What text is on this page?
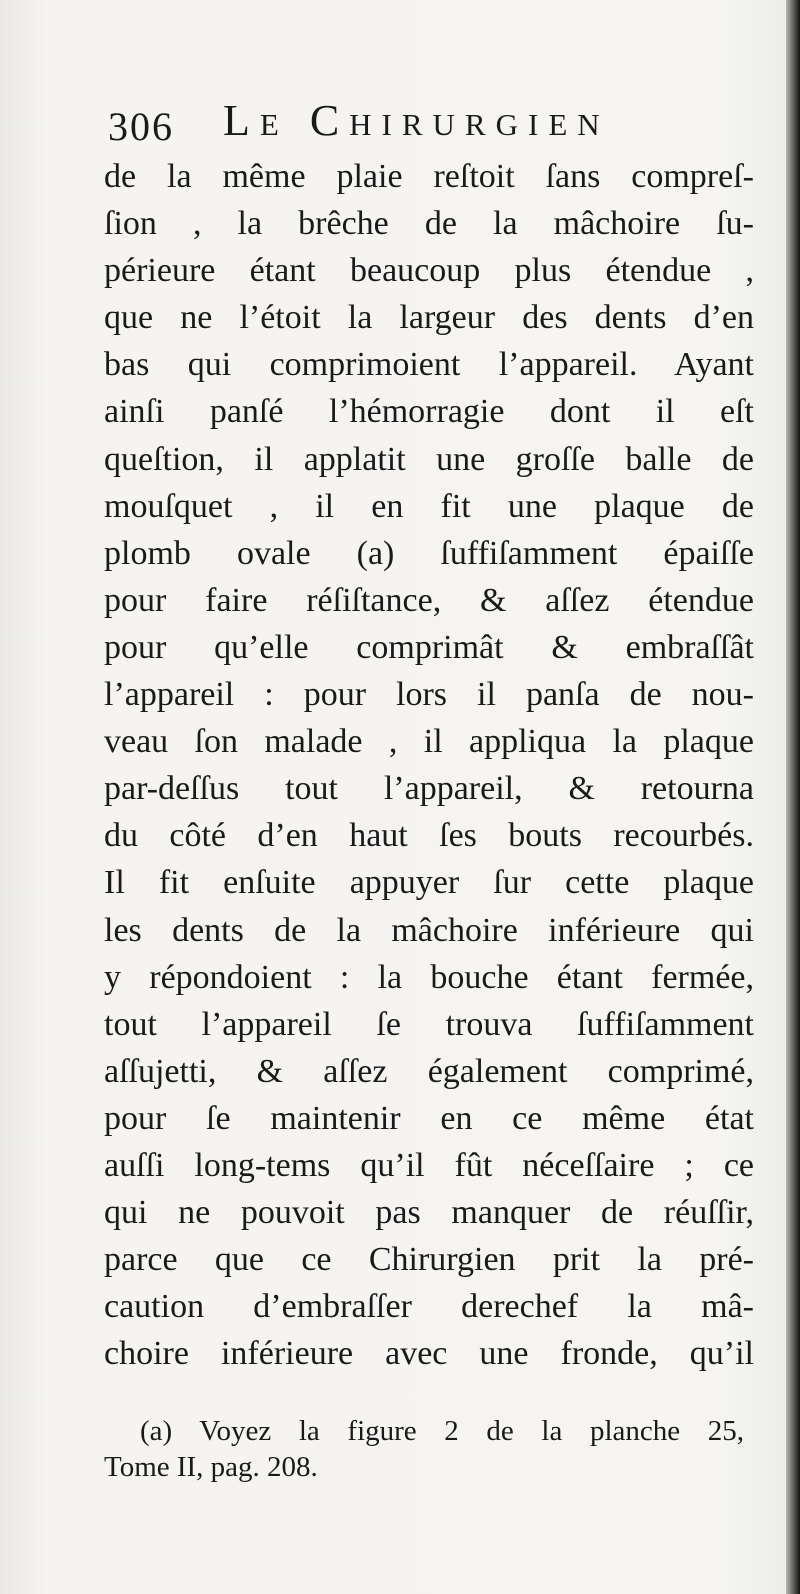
306 Le Chirurgien
de la même plaie reſtoit ſans compreſ-
ſion , la brêche de la mâchoire ſu-
périeure étant beaucoup plus étendue ,
que ne l’étoit la largeur des dents d’en
bas qui comprimoient l’appareil. Ayant
ainſi panſé l’hémorragie dont il eſt
queſtion, il applatit une groſſe balle de
mouſquet , il en fit une plaque de
plomb ovale (a) ſuffiſamment épaiſſe
pour faire réſiſtance, & aſſez étendue
pour qu’elle comprimât & embraſſât
l’appareil : pour lors il panſa de nou-
veau ſon malade , il appliqua la plaque
par-deſſus tout l’appareil, & retourna
du côté d’en haut ſes bouts recourbés.
Il fit enſuite appuyer ſur cette plaque
les dents de la mâchoire inférieure qui
y répondoient : la bouche étant fermée,
tout l’appareil ſe trouva ſuffiſamment
aſſujetti, & aſſez également comprimé,
pour ſe maintenir en ce même état
auſſi long-tems qu’il fût néceſſaire ; ce
qui ne pouvoit pas manquer de réuſſir,
parce que ce Chirurgien prit la pré-
caution d’embraſſer derechef la mâ-
choire inférieure avec une fronde, qu’il
(a) Voyez la figure 2 de la planche 25,
Tome II, pag. 208.
